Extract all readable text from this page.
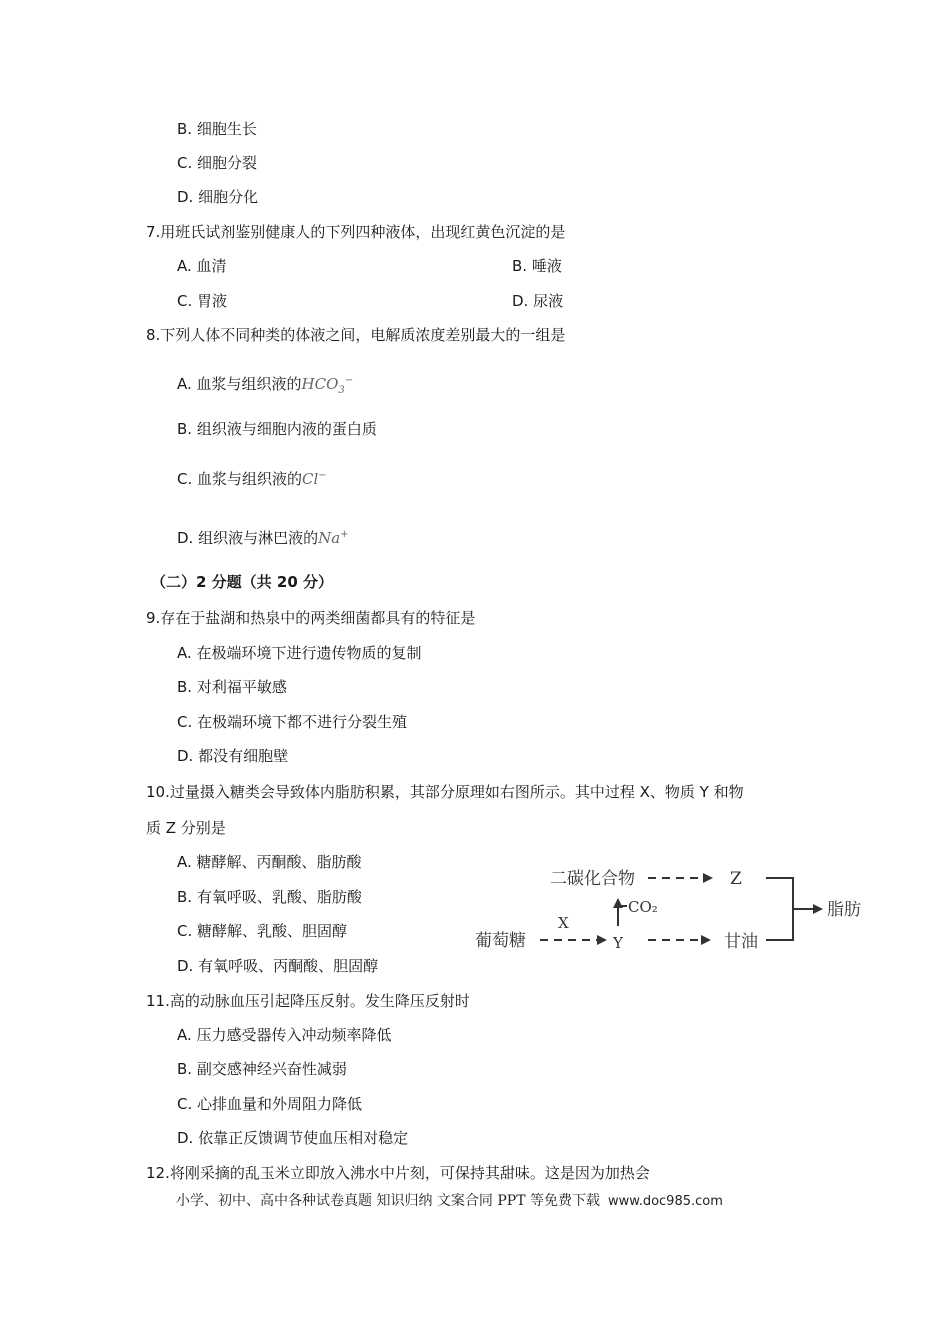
B. 细胞生长
C. 细胞分裂
D. 细胞分化
7.用班氏试剂鉴别健康人的下列四种液体，出现红黄色沉淀的是
A. 血清	B. 唾液
C. 胃液	D. 尿液
8.下列人体不同种类的体液之间，电解质浓度差别最大的一组是
A. 血浆与组织液的$HCO_3^-$
B. 组织液与细胞内液的蛋白质
C. 血浆与组织液的Cl−
D. 组织液与淋巴液的Na+
（二）2 分题（共 20 分）
9.存在于盐湖和热泉中的两类细菌都具有的特征是
A. 在极端环境下进行遗传物质的复制
B. 对利福平敏感
C. 在极端环境下都不进行分裂生殖
D. 都没有细胞壁
10.过量摄入糖类会导致体内脂肪积累，其部分原理如右图所示。其中过程 X、物质 Y 和物
质 Z 分别是
A. 糖酵解、丙酮酸、脂肪酸
B. 有氧呼吸、乳酸、脂肪酸
C. 糖酵解、乳酸、胆固醇
D. 有氧呼吸、丙酮酸、胆固醇
二碳化合物	Z
葡萄糖
X
CO₂
Y	甘油
脂肪
11.高的动脉血压引起降压反射。发生降压反射时
A. 压力感受器传入冲动频率降低
B. 副交感神经兴奋性减弱
C. 心排血量和外周阻力降低
D. 依靠正反馈调节使血压相对稳定
12.将刚采摘的乱玉米立即放入沸水中片刻，可保持其甜味。这是因为加热会
小学、初中、高中各种试卷真题 知识归纳 文案合同 PPT 等免费下载 www.doc985.com
